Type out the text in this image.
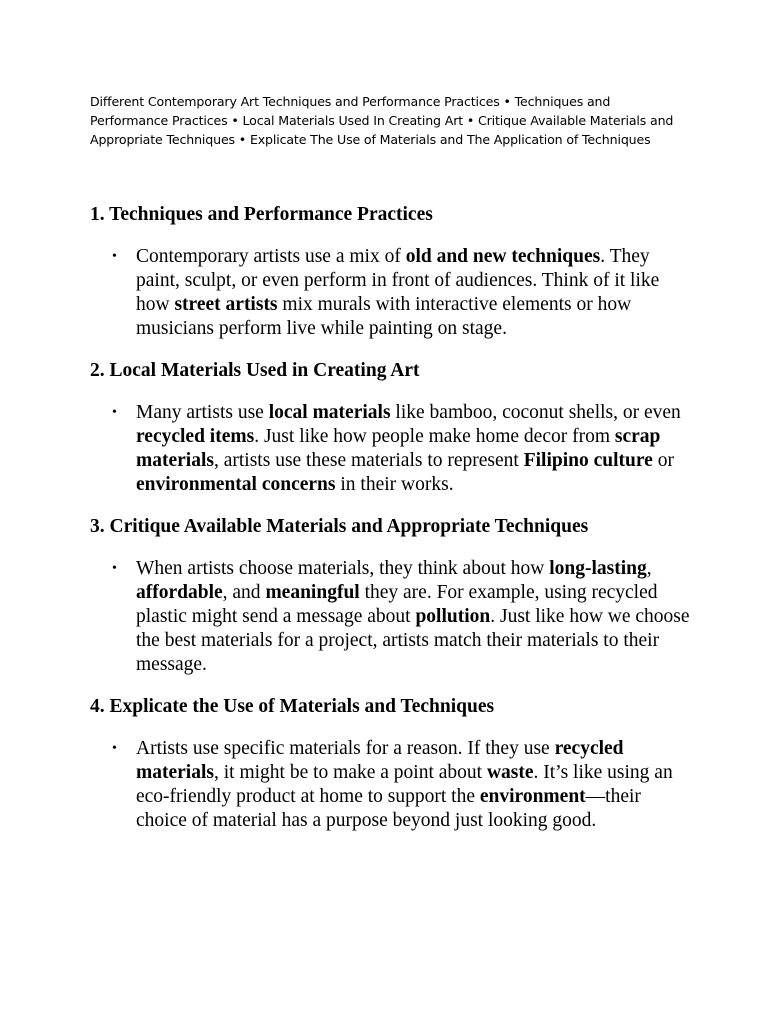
Different Contemporary Art Techniques and Performance Practices • Techniques and Performance Practices • Local Materials Used In Creating Art • Critique Available Materials and Appropriate Techniques • Explicate The Use of Materials and The Application of Techniques

1. Techniques and Performance Practices
• Contemporary artists use a mix of old and new techniques. They paint, sculpt, or even perform in front of audiences. Think of it like how street artists mix murals with interactive elements or how musicians perform live while painting on stage.
2. Local Materials Used in Creating Art
• Many artists use local materials like bamboo, coconut shells, or even recycled items. Just like how people make home decor from scrap materials, artists use these materials to represent Filipino culture or environmental concerns in their works.
3. Critique Available Materials and Appropriate Techniques
• When artists choose materials, they think about how long-lasting, affordable, and meaningful they are. For example, using recycled plastic might send a message about pollution. Just like how we choose the best materials for a project, artists match their materials to their message.
4. Explicate the Use of Materials and Techniques
• Artists use specific materials for a reason. If they use recycled materials, it might be to make a point about waste. It’s like using an eco-friendly product at home to support the environment—their choice of material has a purpose beyond just looking good.
